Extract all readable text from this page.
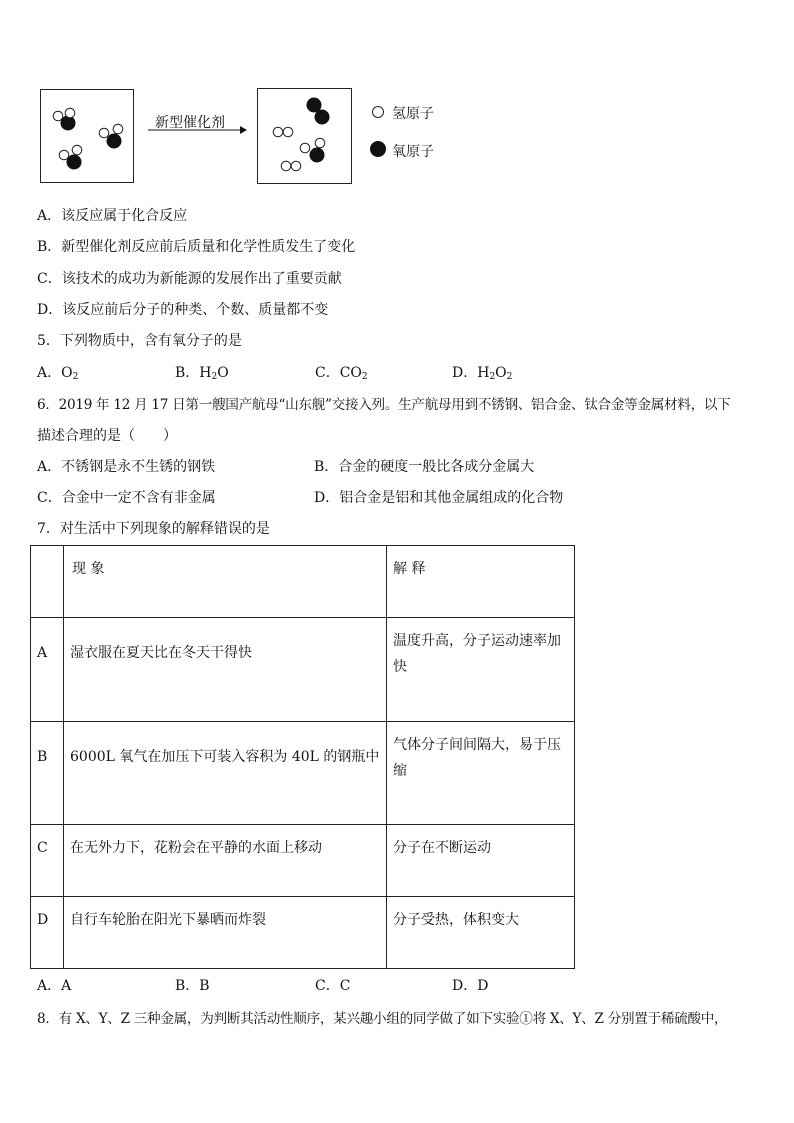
新型催化剂
氢原子
氧原子
A．该反应属于化合反应
B．新型催化剂反应前后质量和化学性质发生了变化
C．该技术的成功为新能源的发展作出了重要贡献
D．该反应前后分子的种类、个数、质量都不变
5．下列物质中，含有氧分子的是
A．$O_2$	B．$H_2O$	C．$CO_2$	D．$H_2O_2$
6．2019 年 12 月 17 日第一艘国产航母“山东舰”交接入列。生产航母用到不锈钢、铝合金、钛合金等金属材料，以下
描述合理的是（　　）
A．不锈钢是永不生锈的钢铁	B．合金的硬度一般比各成分金属大
C．合金中一定不含有非金属	D．铝合金是铝和其他金属组成的化合物
7．对生活中下列现象的解释错误的是
	现 象	解 释
A	湿衣服在夏天比在冬天干得快	温度升高，分子运动速率加快
B	6000L 氧气在加压下可装入容积为 40L 的钢瓶中	气体分子间间隔大，易于压缩
C	在无外力下，花粉会在平静的水面上移动	分子在不断运动
D	自行车轮胎在阳光下暴晒而炸裂	分子受热，体积变大
A．A	B．B	C．C	D．D
8．有 X、Y、Z 三种金属，为判断其活动性顺序，某兴趣小组的同学做了如下实验①将 X、Y、Z 分别置于稀硫酸中，
